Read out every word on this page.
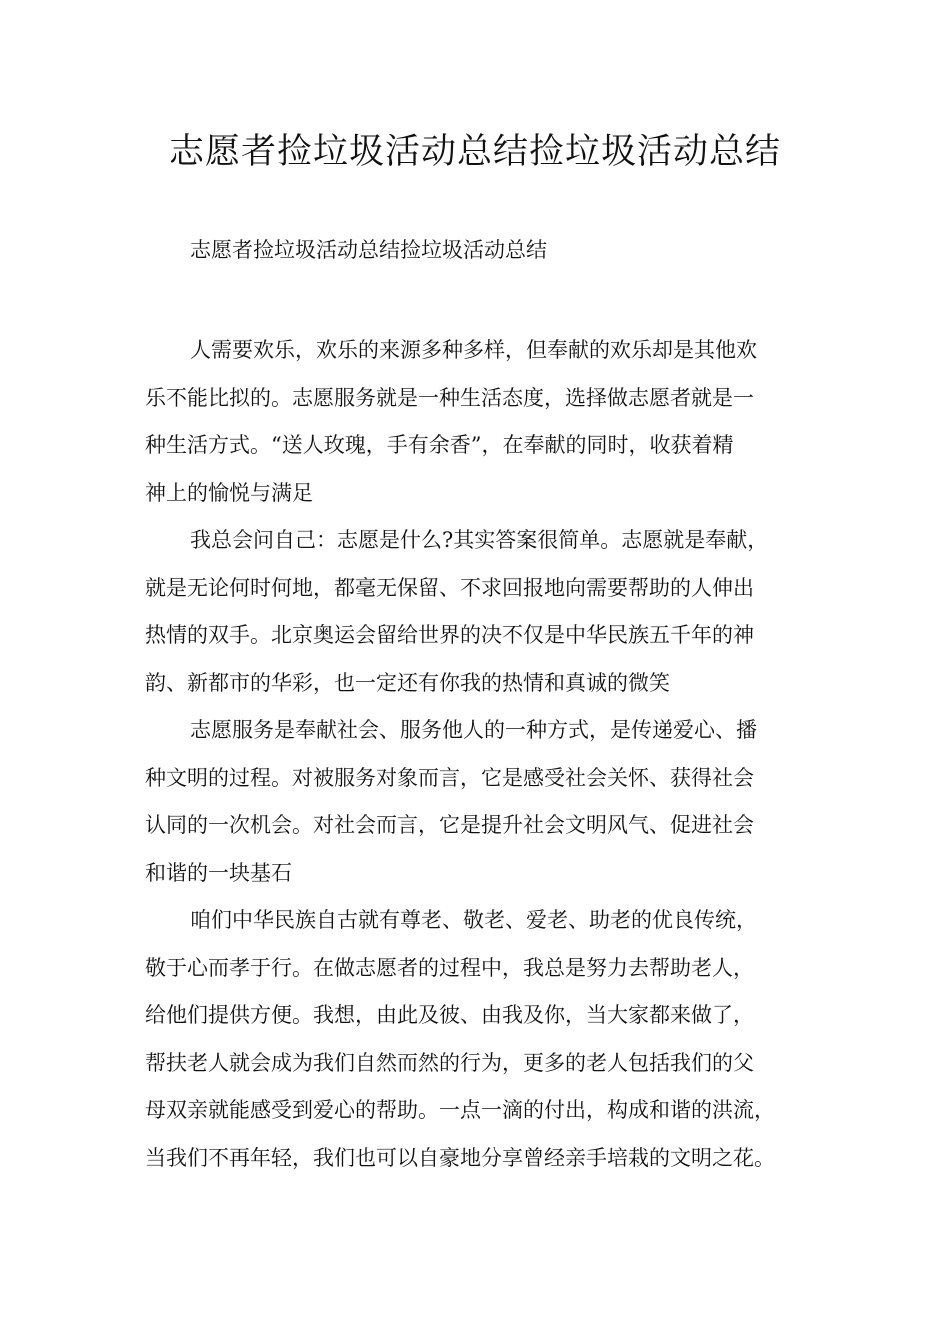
志愿者捡垃圾活动总结捡垃圾活动总结
志愿者捡垃圾活动总结捡垃圾活动总结
人需要欢乐，欢乐的来源多种多样，但奉献的欢乐却是其他欢
乐不能比拟的。志愿服务就是一种生活态度，选择做志愿者就是一
种生活方式。“送人玫瑰，手有余香”，在奉献的同时，收获着精
神上的愉悦与满足
我总会问自己：志愿是什么?其实答案很简单。志愿就是奉献，
就是无论何时何地，都毫无保留、不求回报地向需要帮助的人伸出
热情的双手。北京奥运会留给世界的决不仅是中华民族五千年的神
韵、新都市的华彩，也一定还有你我的热情和真诚的微笑
志愿服务是奉献社会、服务他人的一种方式，是传递爱心、播
种文明的过程。对被服务对象而言，它是感受社会关怀、获得社会
认同的一次机会。对社会而言，它是提升社会文明风气、促进社会
和谐的一块基石
咱们中华民族自古就有尊老、敬老、爱老、助老的优良传统，
敬于心而孝于行。在做志愿者的过程中，我总是努力去帮助老人，
给他们提供方便。我想，由此及彼、由我及你，当大家都来做了，
帮扶老人就会成为我们自然而然的行为，更多的老人包括我们的父
母双亲就能感受到爱心的帮助。一点一滴的付出，构成和谐的洪流，
当我们不再年轻，我们也可以自豪地分享曾经亲手培栽的文明之花。
